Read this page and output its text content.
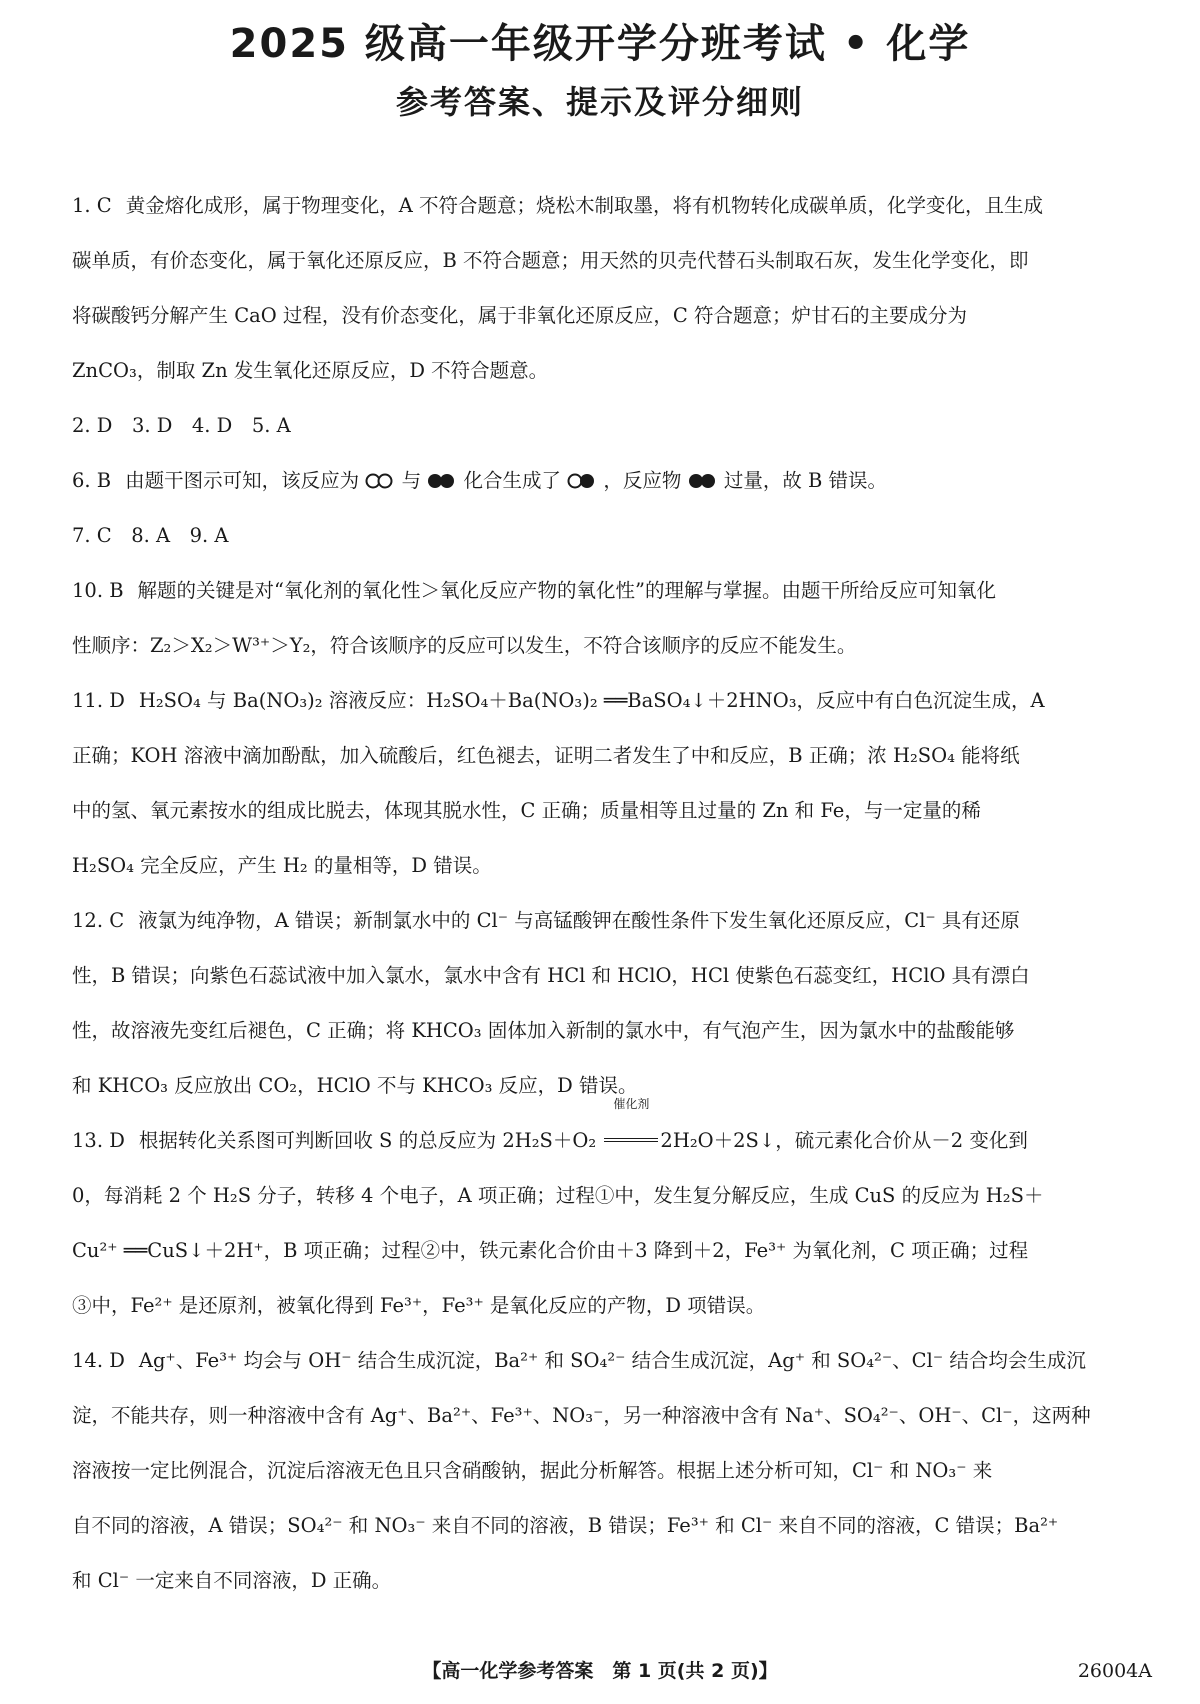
2025 级高一年级开学分班考试 • 化学
参考答案、提示及评分细则

1. C 黄金熔化成形，属于物理变化，A 不符合题意；烧松木制取墨，将有机物转化成碳单质，化学变化，且生成

碳单质，有价态变化，属于氧化还原反应，B 不符合题意；用天然的贝壳代替石头制取石灰，发生化学变化，即

将碳酸钙分解产生 CaO 过程，没有价态变化，属于非氧化还原反应，C 符合题意；炉甘石的主要成分为

ZnCO₃，制取 Zn 发生氧化还原反应，D 不符合题意。

2. D　3. D　4. D　5. A

6. B 由题干图示可知，该反应为 与 化合生成了 ，反应物 过量，故 B 错误。

7. C　8. A　9. A

10. B 解题的关键是对“氧化剂的氧化性＞氧化反应产物的氧化性”的理解与掌握。由题干所给反应可知氧化

性顺序：Z₂＞X₂＞W³⁺＞Y₂，符合该顺序的反应可以发生，不符合该顺序的反应不能发生。

11. D H₂SO₄ 与 Ba(NO₃)₂ 溶液反应：H₂SO₄＋Ba(NO₃)₂ ══BaSO₄↓＋2HNO₃，反应中有白色沉淀生成，A

正确；KOH 溶液中滴加酚酞，加入硫酸后，红色褪去，证明二者发生了中和反应，B 正确；浓 H₂SO₄ 能将纸

中的氢、氧元素按水的组成比脱去，体现其脱水性，C 正确；质量相等且过量的 Zn 和 Fe，与一定量的稀

H₂SO₄ 完全反应，产生 H₂ 的量相等，D 错误。

12. C 液氯为纯净物，A 错误；新制氯水中的 Cl⁻ 与高锰酸钾在酸性条件下发生氧化还原反应，Cl⁻ 具有还原

性，B 错误；向紫色石蕊试液中加入氯水，氯水中含有 HCl 和 HClO，HCl 使紫色石蕊变红，HClO 具有漂白

性，故溶液先变红后褪色，C 正确；将 KHCO₃ 固体加入新制的氯水中，有气泡产生，因为氯水中的盐酸能够

和 KHCO₃ 反应放出 CO₂，HClO 不与 KHCO₃ 反应，D 错误。

13. D 根据转化关系图可判断回收 S 的总反应为 2H₂S＋O₂
催化剂
2H₂O＋2S↓，硫元素化合价从－2 变化到

0，每消耗 2 个 H₂S 分子，转移 4 个电子，A 项正确；过程①中，发生复分解反应，生成 CuS 的反应为 H₂S＋

Cu²⁺ ══CuS↓＋2H⁺，B 项正确；过程②中，铁元素化合价由＋3 降到＋2，Fe³⁺ 为氧化剂，C 项正确；过程

③中，Fe²⁺ 是还原剂，被氧化得到 Fe³⁺，Fe³⁺ 是氧化反应的产物，D 项错误。

14. D Ag⁺、Fe³⁺ 均会与 OH⁻ 结合生成沉淀，Ba²⁺ 和 SO₄²⁻ 结合生成沉淀，Ag⁺ 和 SO₄²⁻、Cl⁻ 结合均会生成沉

淀，不能共存，则一种溶液中含有 Ag⁺、Ba²⁺、Fe³⁺、NO₃⁻，另一种溶液中含有 Na⁺、SO₄²⁻、OH⁻、Cl⁻，这两种

溶液按一定比例混合，沉淀后溶液无色且只含硝酸钠，据此分析解答。根据上述分析可知，Cl⁻ 和 NO₃⁻ 来

自不同的溶液，A 错误；SO₄²⁻ 和 NO₃⁻ 来自不同的溶液，B 错误；Fe³⁺ 和 Cl⁻ 来自不同的溶液，C 错误；Ba²⁺

和 Cl⁻ 一定来自不同溶液，D 正确。

【高一化学参考答案　第 1 页(共 2 页)】	26004A
